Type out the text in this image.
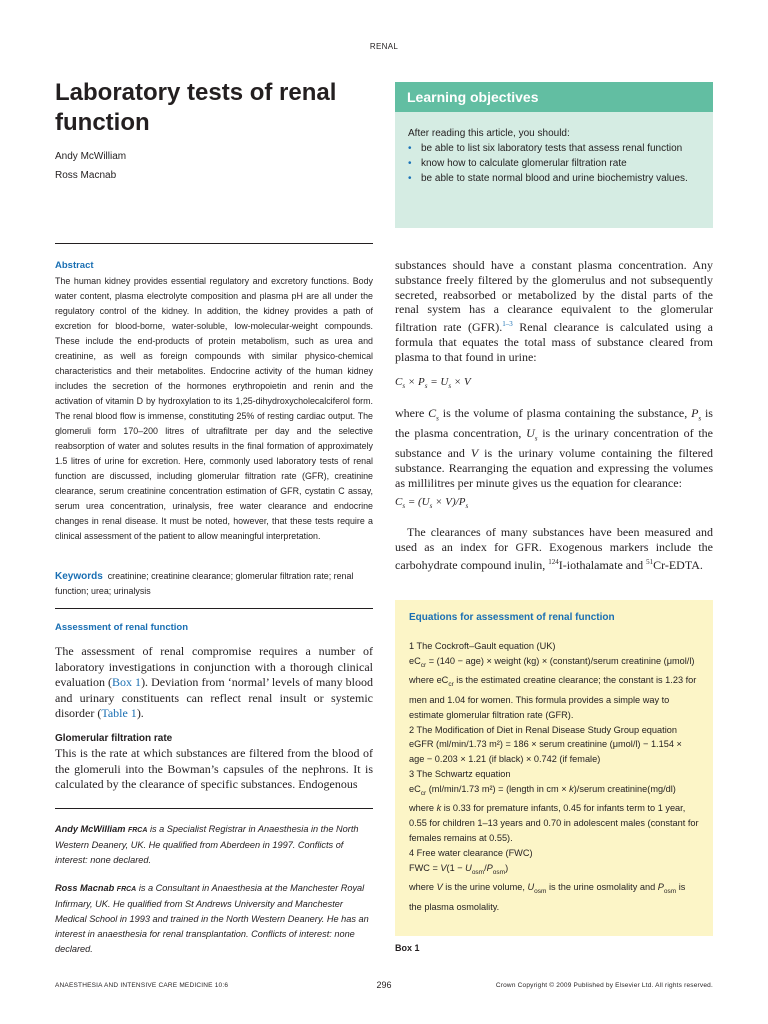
RENAL
Laboratory tests of renal function
Andy McWilliam
Ross Macnab
Learning objectives
After reading this article, you should:
• be able to list six laboratory tests that assess renal function
• know how to calculate glomerular filtration rate
• be able to state normal blood and urine biochemistry values.
Abstract
The human kidney provides essential regulatory and excretory functions. Body water content, plasma electrolyte composition and plasma pH are all under the regulatory control of the kidney. In addition, the kidney provides a path of excretion for blood-borne, water-soluble, low-molecular-weight compounds. These include the end-products of protein metabolism, such as urea and creatinine, as well as foreign compounds with similar physico-chemical characteristics and their metabolites. Endocrine activity of the human kidney includes the secretion of the hormones erythropoietin and renin and the activation of vitamin D by hydroxylation to its 1,25-dihydroxycholecalciferol form. The renal blood flow is immense, constituting 25% of resting cardiac output. The glomeruli form 170–200 litres of ultrafiltrate per day and the selective reabsorption of water and solutes results in the final formation of approximately 1.5 litres of urine for excretion. Here, commonly used laboratory tests of renal function are discussed, including glomerular filtration rate (GFR), creatinine clearance, serum creatinine concentration estimation of GFR, cystatin C assay, serum urea concentration, urinalysis, free water clearance and endocrine changes in renal disease. It must be noted, however, that these tests require a clinical assessment of the patient to allow meaningful interpretation.
Keywords creatinine; creatinine clearance; glomerular filtration rate; renal function; urea; urinalysis
Assessment of renal function
The assessment of renal compromise requires a number of laboratory investigations in conjunction with a thorough clinical evaluation (Box 1). Deviation from ‘normal’ levels of many blood and urinary constituents can reflect renal insult or systemic disorder (Table 1).
Glomerular filtration rate
This is the rate at which substances are filtered from the blood of the glomeruli into the Bowman’s capsules of the nephrons. It is calculated by the clearance of specific substances. Endogenous
Andy McWilliam FRCA is a Specialist Registrar in Anaesthesia in the North Western Deanery, UK. He qualified from Aberdeen in 1997. Conflicts of interest: none declared.
Ross Macnab FRCA is a Consultant in Anaesthesia at the Manchester Royal Infirmary, UK. He qualified from St Andrews University and Manchester Medical School in 1993 and trained in the North Western Deanery. He has an interest in anaesthesia for renal transplantation. Conflicts of interest: none declared.
substances should have a constant plasma concentration. Any substance freely filtered by the glomerulus and not subsequently secreted, reabsorbed or metabolized by the distal parts of the renal system has a clearance equivalent to the glomerular filtration rate (GFR).$^{1-3}$ Renal clearance is calculated using a formula that equates the total mass of substance cleared from plasma to that found in urine:
$C_s \times P_s = U_s \times V$
where $C_s$ is the volume of plasma containing the substance, $P_s$ is the plasma concentration, $U_s$ is the urinary concentration of the substance and V is the urinary volume containing the filtered substance. Rearranging the equation and expressing the volumes as millilitres per minute gives us the equation for clearance:
$C_s = (U_s \times V)/P_s$
The clearances of many substances have been measured and used as an index for GFR. Exogenous markers include the carbohydrate compound inulin, $^{124}$I-iothalamate and $^{51}$Cr-EDTA.
Equations for assessment of renal function
1 The Cockroft–Gault equation (UK)
$eC_{cr} = (140 - age)$ × weight (kg) × (constant)/serum creatinine (μmol/l)
where $eC_{cr}$ is the estimated creatine clearance; the constant is 1.23 for men and 1.04 for women. This formula provides a simple way to estimate glomerular filtration rate (GFR).
2 The Modification of Diet in Renal Disease Study Group equation
eGFR (ml/min/1.73 m²) = 186 × serum creatinine (μmol/l) − 1.154 × age − 0.203 × 1.21 (if black) × 0.742 (if female)
3 The Schwartz equation
$eC_{cr}$ (ml/min/1.73 m²) = (length in cm × k)/serum creatinine(mg/dl)
where k is 0.33 for premature infants, 0.45 for infants term to 1 year, 0.55 for children 1–13 years and 0.70 in adolescent males (constant for females remains at 0.55).
4 Free water clearance (FWC)
FWC = $V(1 - U_{osm}/P_{osm})$
where V is the urine volume, $U_{osm}$ is the urine osmolality and $P_{osm}$ is the plasma osmolality.
Box 1
ANAESTHESIA AND INTENSIVE CARE MEDICINE 10:6	296	Crown Copyright © 2009 Published by Elsevier Ltd. All rights reserved.
